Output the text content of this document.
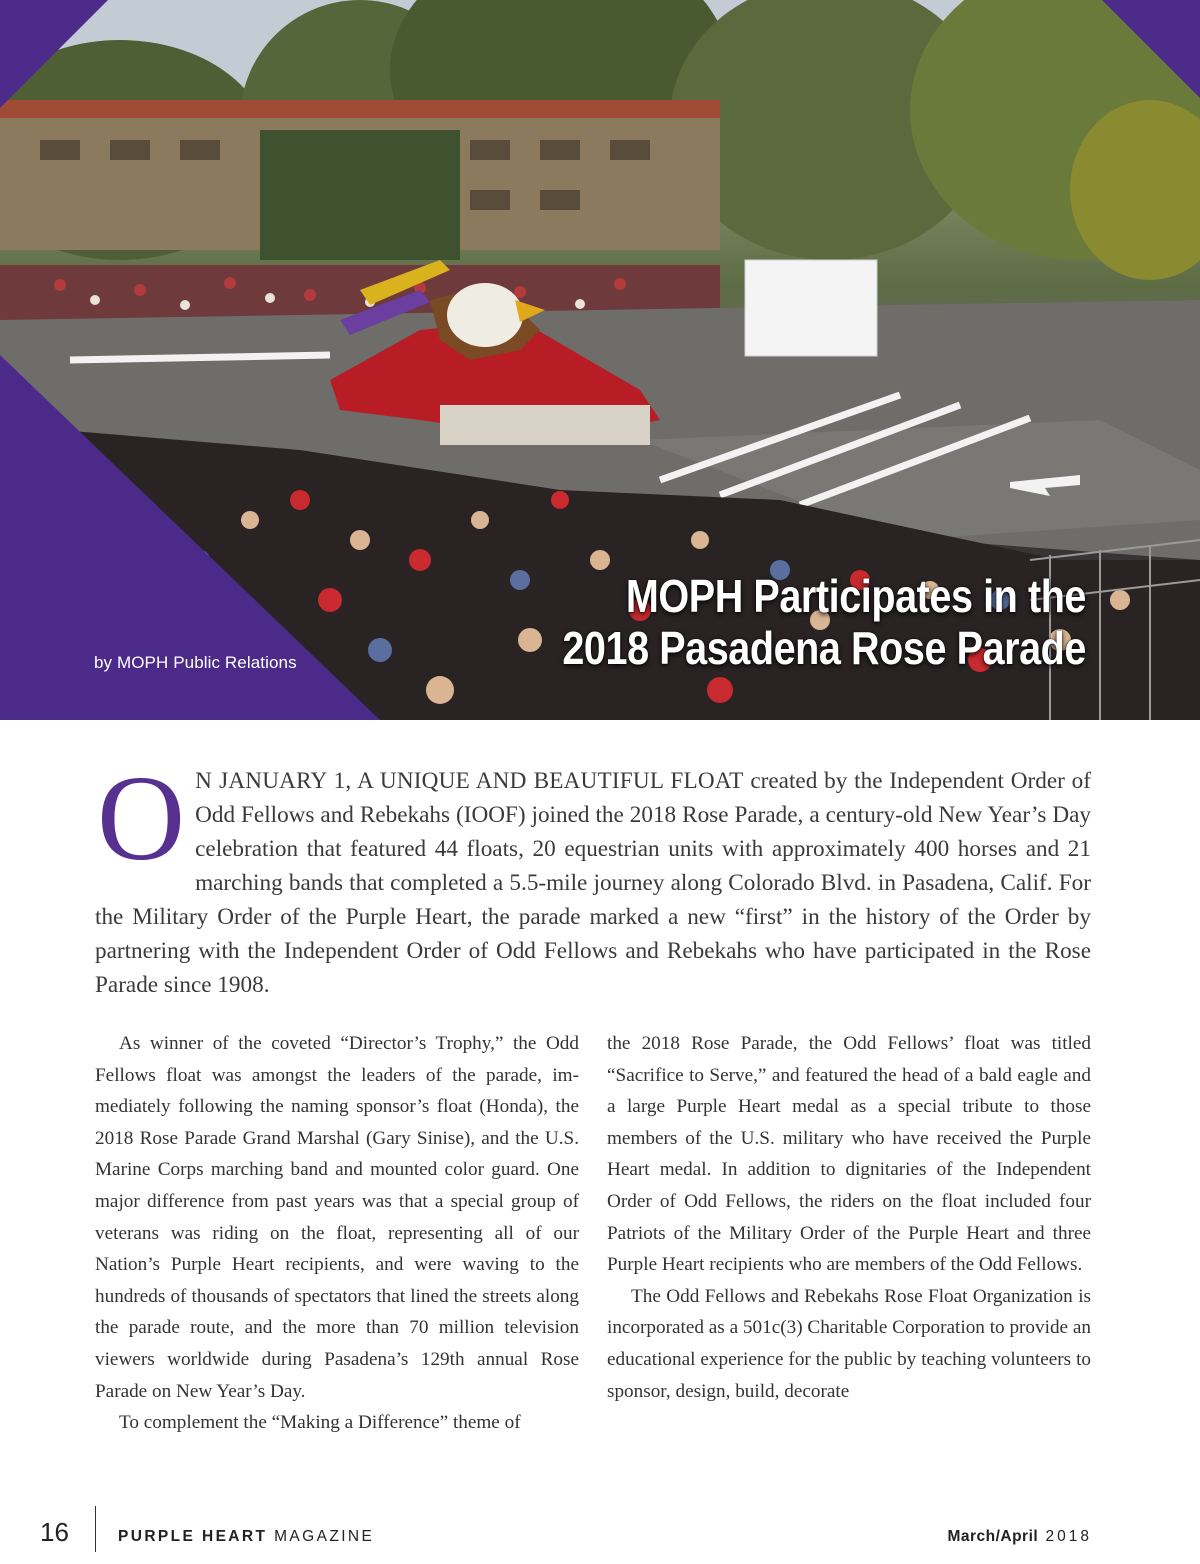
by MOPH Public Relations
MOPH Participates in the
2018 Pasadena Rose Parade
ON JANUARY 1, A UNIQUE AND BEAUTIFUL FLOAT created by the Independent Order of Odd Fellows and Rebekahs (IOOF) joined the 2018 Rose Parade, a century-old New Year’s Day celebration that featured 44 floats, 20 equestrian units with approximately 400 horses and 21 marching bands that completed a 5.5-mile journey along Colorado Blvd. in Pasadena, Calif. For the Military Order of the Purple Heart, the parade marked a new “first” in the history of the Order by partnering with the Independent Order of Odd Fellows and Rebekahs who have participated in the Rose Parade since 1908.

As winner of the coveted “Director’s Trophy,” the Odd Fellows float was amongst the leaders of the parade, immediately following the naming sponsor’s float (Honda), the 2018 Rose Parade Grand Marshal (Gary Sinise), and the U.S. Marine Corps marching band and mounted color guard. One major difference from past years was that a special group of veterans was riding on the float, representing all of our Nation’s Purple Heart recipients, and were waving to the hundreds of thousands of spectators that lined the streets along the parade route, and the more than 70 million television viewers worldwide during Pasadena’s 129th annual Rose Parade on New Year’s Day.

To complement the “Making a Difference” theme of

the 2018 Rose Parade, the Odd Fellows’ float was titled “Sacrifice to Serve,” and featured the head of a bald eagle and a large Purple Heart medal as a special tribute to those members of the U.S. military who have received the Purple Heart medal. In addition to dignitaries of the Independent Order of Odd Fellows, the riders on the float included four Patriots of the Military Order of the Purple Heart and three Purple Heart recipients who are members of the Odd Fellows.

The Odd Fellows and Rebekahs Rose Float Organization is incorporated as a 501c(3) Charitable Corporation to provide an educational experience for the public by teaching volunteers to sponsor, design, build, decorate

16	PURPLE HEART MAGAZINE	March/April 2018
